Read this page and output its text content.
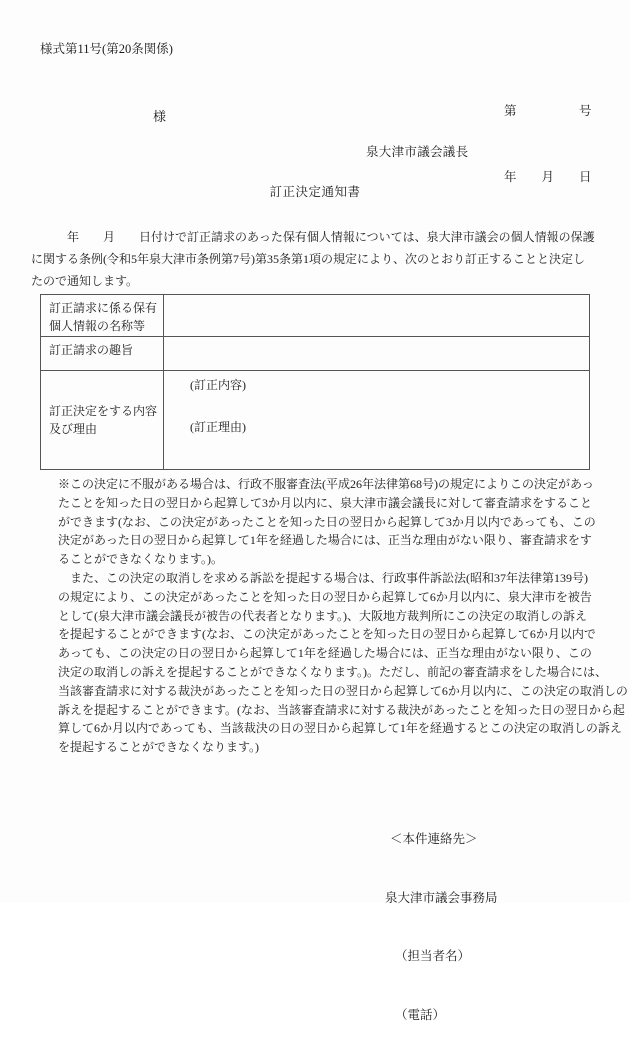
様式第11号(第20条関係)

第　　　　　号

年　　月　　日

様
泉大津市議会議長
訂正決定通知書
　　　年　　月　　日付けで訂正請求のあった保有個人情報については、泉大津市議会の個人情報の保護
に関する条例(令和5年泉大津市条例第7号)第35条第1項の規定により、次のとおり訂正することと決定し
たので通知します。
訂正請求に係る保有
個人情報の名称等
訂正請求の趣旨
訂正決定をする内容
及び理由
(訂正内容)

(訂正理由)
※この決定に不服がある場合は、行政不服審査法(平成26年法律第68号)の規定によりこの決定があっ
たことを知った日の翌日から起算して3か月以内に、泉大津市議会議長に対して審査請求をすること
ができます(なお、この決定があったことを知った日の翌日から起算して3か月以内であっても、この
決定があった日の翌日から起算して1年を経過した場合には、正当な理由がない限り、審査請求をす
ることができなくなります。)。
　また、この決定の取消しを求める訴訟を提起する場合は、行政事件訴訟法(昭和37年法律第139号)
の規定により、この決定があったことを知った日の翌日から起算して6か月以内に、泉大津市を被告
として(泉大津市議会議長が被告の代表者となります。)、大阪地方裁判所にこの決定の取消しの訴え
を提起することができます(なお、この決定があったことを知った日の翌日から起算して6か月以内で
あっても、この決定の日の翌日から起算して1年を経過した場合には、正当な理由がない限り、この
決定の取消しの訴えを提起することができなくなります。)。ただし、前記の審査請求をした場合には、
当該審査請求に対する裁決があったことを知った日の翌日から起算して6か月以内に、この決定の取消しの
訴えを提起することができます。(なお、当該審査請求に対する裁決があったことを知った日の翌日から起
算して6か月以内であっても、当該裁決の日の翌日から起算して1年を経過するとこの決定の取消しの訴え
を提起することができなくなります。)

＜本件連絡先＞

泉大津市議会事務局

（担当者名）

（電話）
